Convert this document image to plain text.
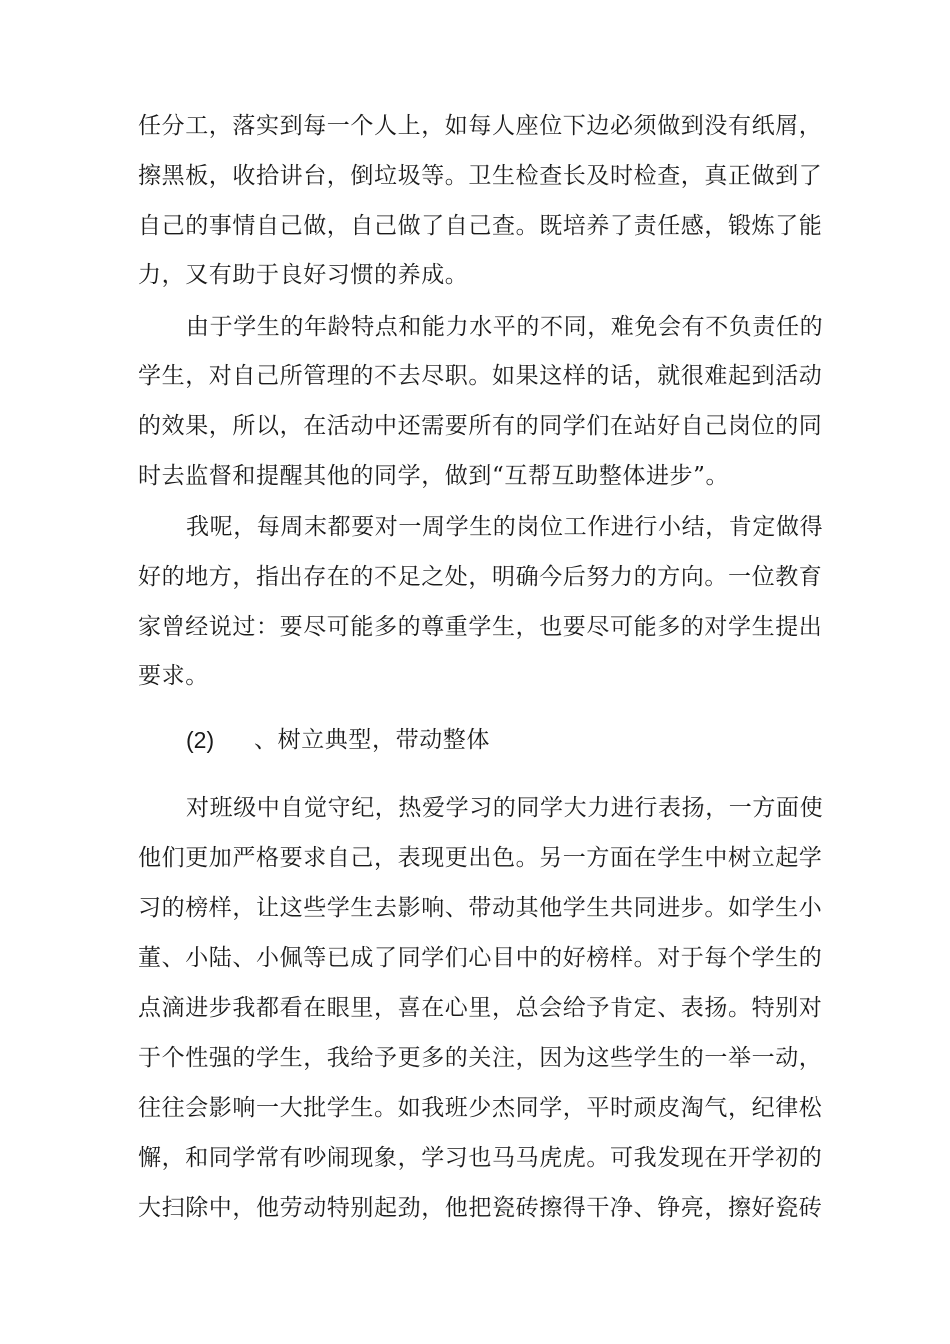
任分工，落实到每一个人上，如每人座位下边必须做到没有纸屑，
擦黑板，收拾讲台，倒垃圾等。卫生检查长及时检查，真正做到了
自己的事情自己做，自己做了自己查。既培养了责任感，锻炼了能
力，又有助于良好习惯的养成。
由于学生的年龄特点和能力水平的不同，难免会有不负责任的
学生，对自己所管理的不去尽职。如果这样的话，就很难起到活动
的效果，所以，在活动中还需要所有的同学们在站好自己岗位的同
时去监督和提醒其他的同学，做到“互帮互助整体进步”。
我呢，每周末都要对一周学生的岗位工作进行小结，肯定做得
好的地方，指出存在的不足之处，明确今后努力的方向。一位教育
家曾经说过：要尽可能多的尊重学生，也要尽可能多的对学生提出
要求。
(2) 、树立典型，带动整体
对班级中自觉守纪，热爱学习的同学大力进行表扬，一方面使
他们更加严格要求自己，表现更出色。另一方面在学生中树立起学
习的榜样，让这些学生去影响、带动其他学生共同进步。如学生小
董、小陆、小佩等已成了同学们心目中的好榜样。对于每个学生的
点滴进步我都看在眼里，喜在心里，总会给予肯定、表扬。特别对
于个性强的学生，我给予更多的关注，因为这些学生的一举一动，
往往会影响一大批学生。如我班少杰同学，平时顽皮淘气，纪律松
懈，和同学常有吵闹现象，学习也马马虎虎。可我发现在开学初的
大扫除中，他劳动特别起劲，他把瓷砖擦得干净、铮亮，擦好瓷砖
